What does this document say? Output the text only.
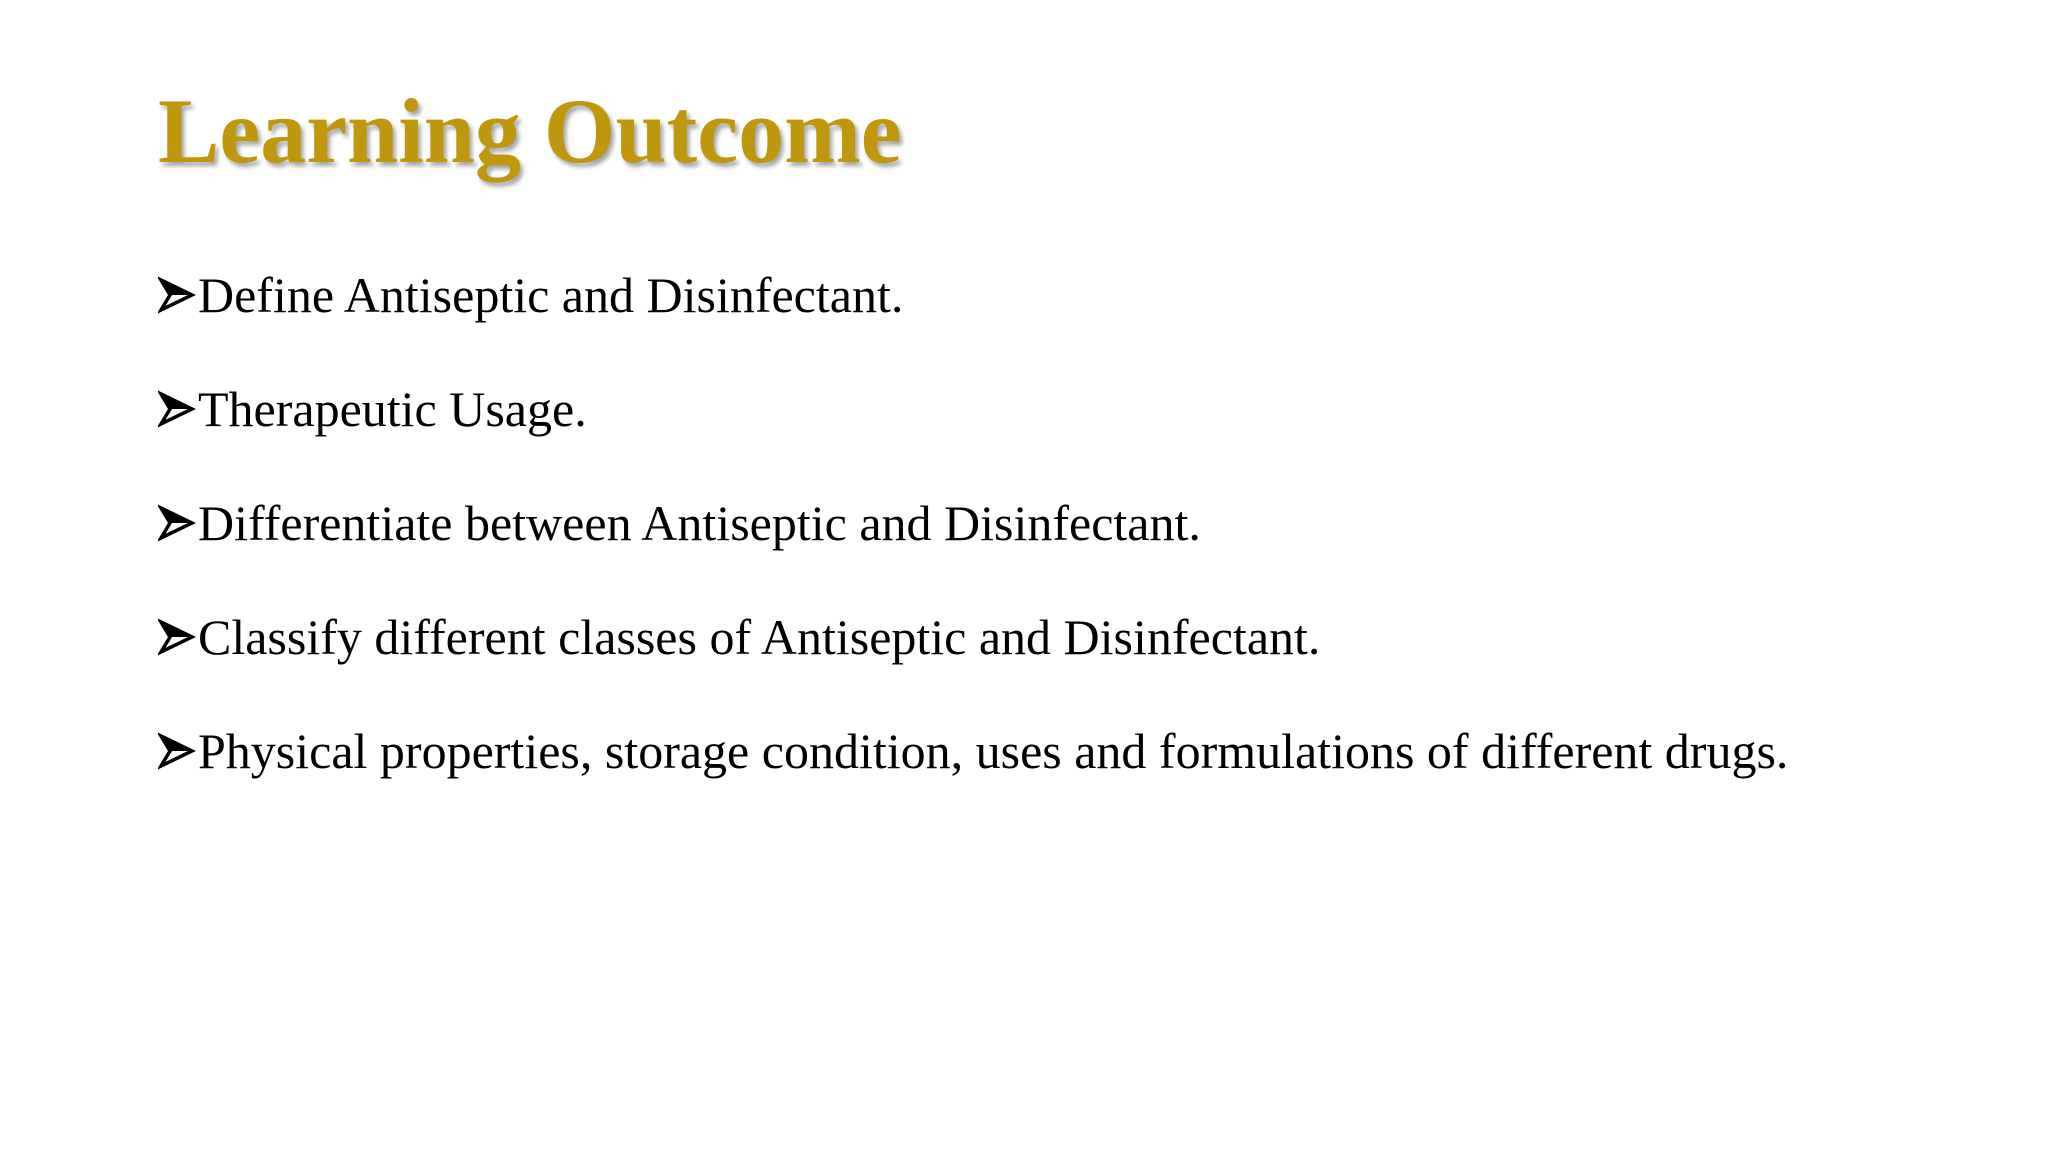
Learning Outcome
Define Antiseptic and Disinfectant.
Therapeutic Usage.
Differentiate between Antiseptic and Disinfectant.
Classify different classes of Antiseptic and Disinfectant.
Physical properties, storage condition, uses and formulations of different drugs.
